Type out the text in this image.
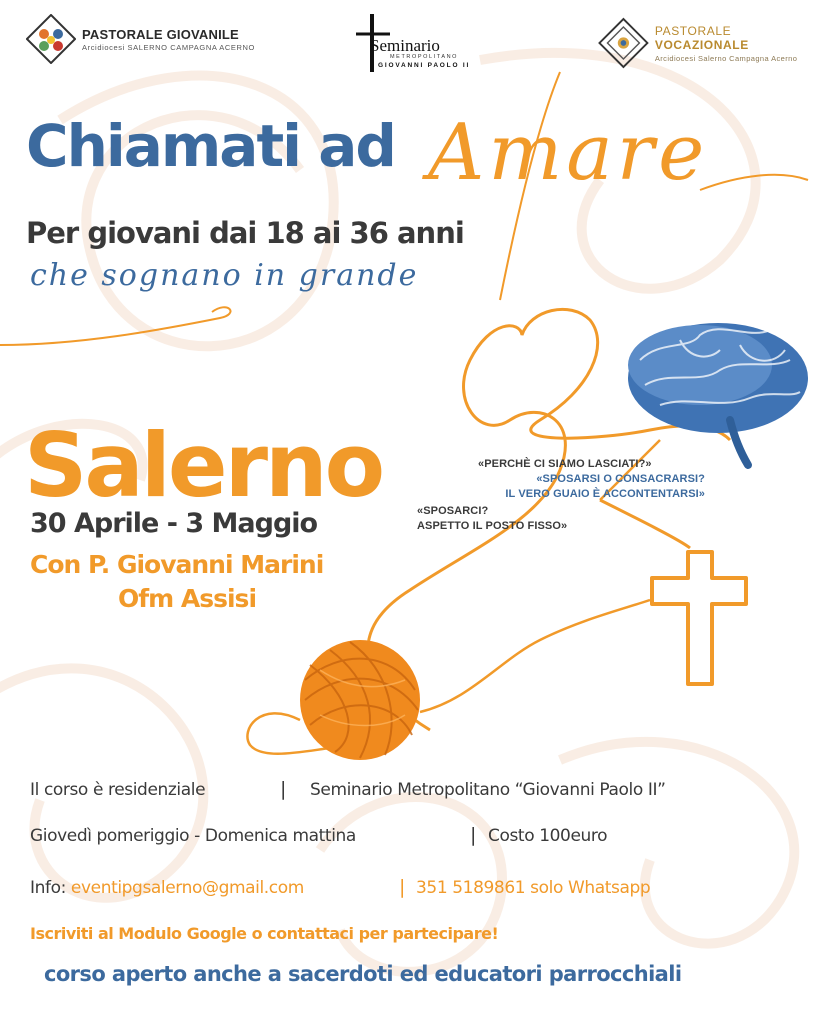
PASTORALE GIOVANILE
Arcidiocesi SALERNO CAMPAGNA ACERNO	Seminario
METROPOLITANO
GIOVANNI PAOLO II
PASTORALE VOCAZIONALE
Arcidiocesi Salerno Campagna Acerno
Chiamati ad Amare
Per giovani dai 18 ai 36 anni
che sognano in grande
Salerno
30 Aprile - 3 Maggio
Con P. Giovanni Marini
Ofm Assisi
«PERCHÈ CI SIAMO LASCIATI?»
«SPOSARSI O CONSACRARSI?
IL VERO GUAIO È ACCONTENTARSI»
«SPOSARCI?
ASPETTO IL POSTO FISSO»
Il corso è residenziale	| Seminario Metropolitano “Giovanni Paolo II”
Giovedì pomeriggio - Domenica mattina	| Costo 100euro
Info: eventipgsalerno@gmail.com	| 351 5189861 solo Whatsapp
Iscriviti al Modulo Google o contattaci per partecipare!
corso aperto anche a sacerdoti ed educatori parrocchiali
